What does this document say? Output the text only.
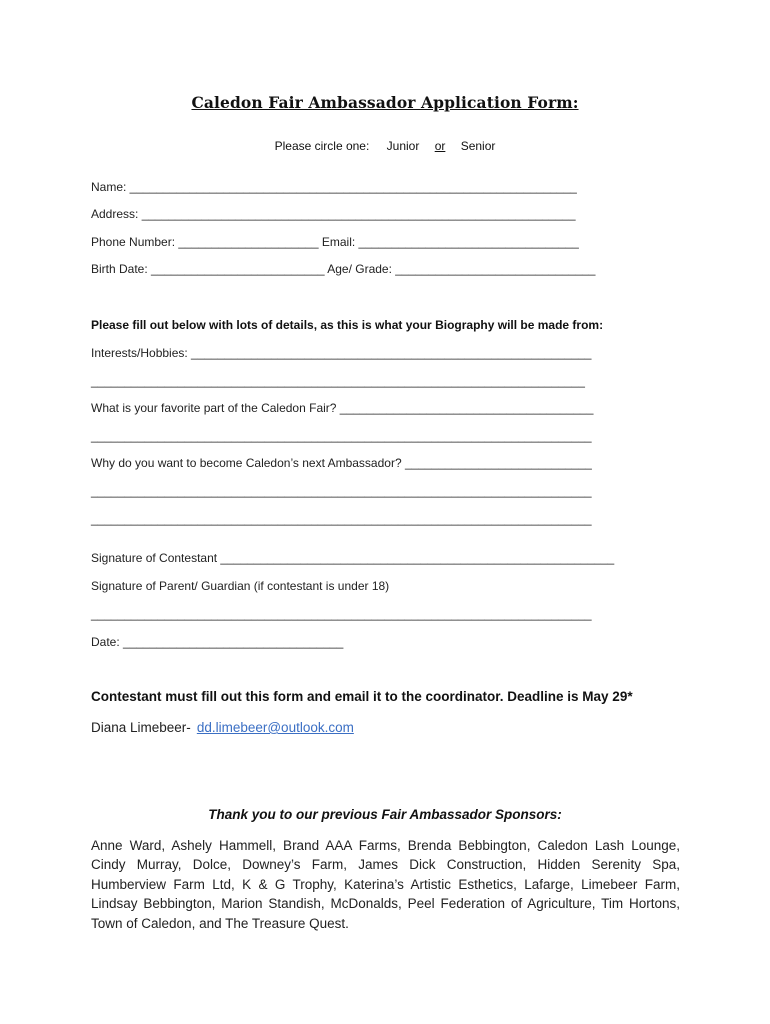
Caledon Fair Ambassador Application Form:
Please circle one: Junior or Senior
Name: ___________________________________________________________________
Address: _________________________________________________________________
Phone Number: _____________________ Email: _________________________________
Birth Date: __________________________ Age/ Grade: ______________________________
Please fill out below with lots of details, as this is what your Biography will be made from:
Interests/Hobbies: ____________________________________________________________
__________________________________________________________________________
What is your favorite part of the Caledon Fair? ______________________________________
___________________________________________________________________________
Why do you want to become Caledon’s next Ambassador? ____________________________
___________________________________________________________________________
___________________________________________________________________________
Signature of Contestant ___________________________________________________________
Signature of Parent/ Guardian (if contestant is under 18)
___________________________________________________________________________
Date: _________________________________
Contestant must fill out this form and email it to the coordinator. Deadline is May 29*
Diana Limebeer- dd.limebeer@outlook.com
Thank you to our previous Fair Ambassador Sponsors:
Anne Ward, Ashely Hammell, Brand AAA Farms, Brenda Bebbington, Caledon Lash Lounge, Cindy Murray, Dolce, Downey’s Farm, James Dick Construction, Hidden Serenity Spa, Humberview Farm Ltd, K & G Trophy, Katerina’s Artistic Esthetics, Lafarge, Limebeer Farm, Lindsay Bebbington, Marion Standish, McDonalds, Peel Federation of Agriculture, Tim Hortons, Town of Caledon, and The Treasure Quest.
